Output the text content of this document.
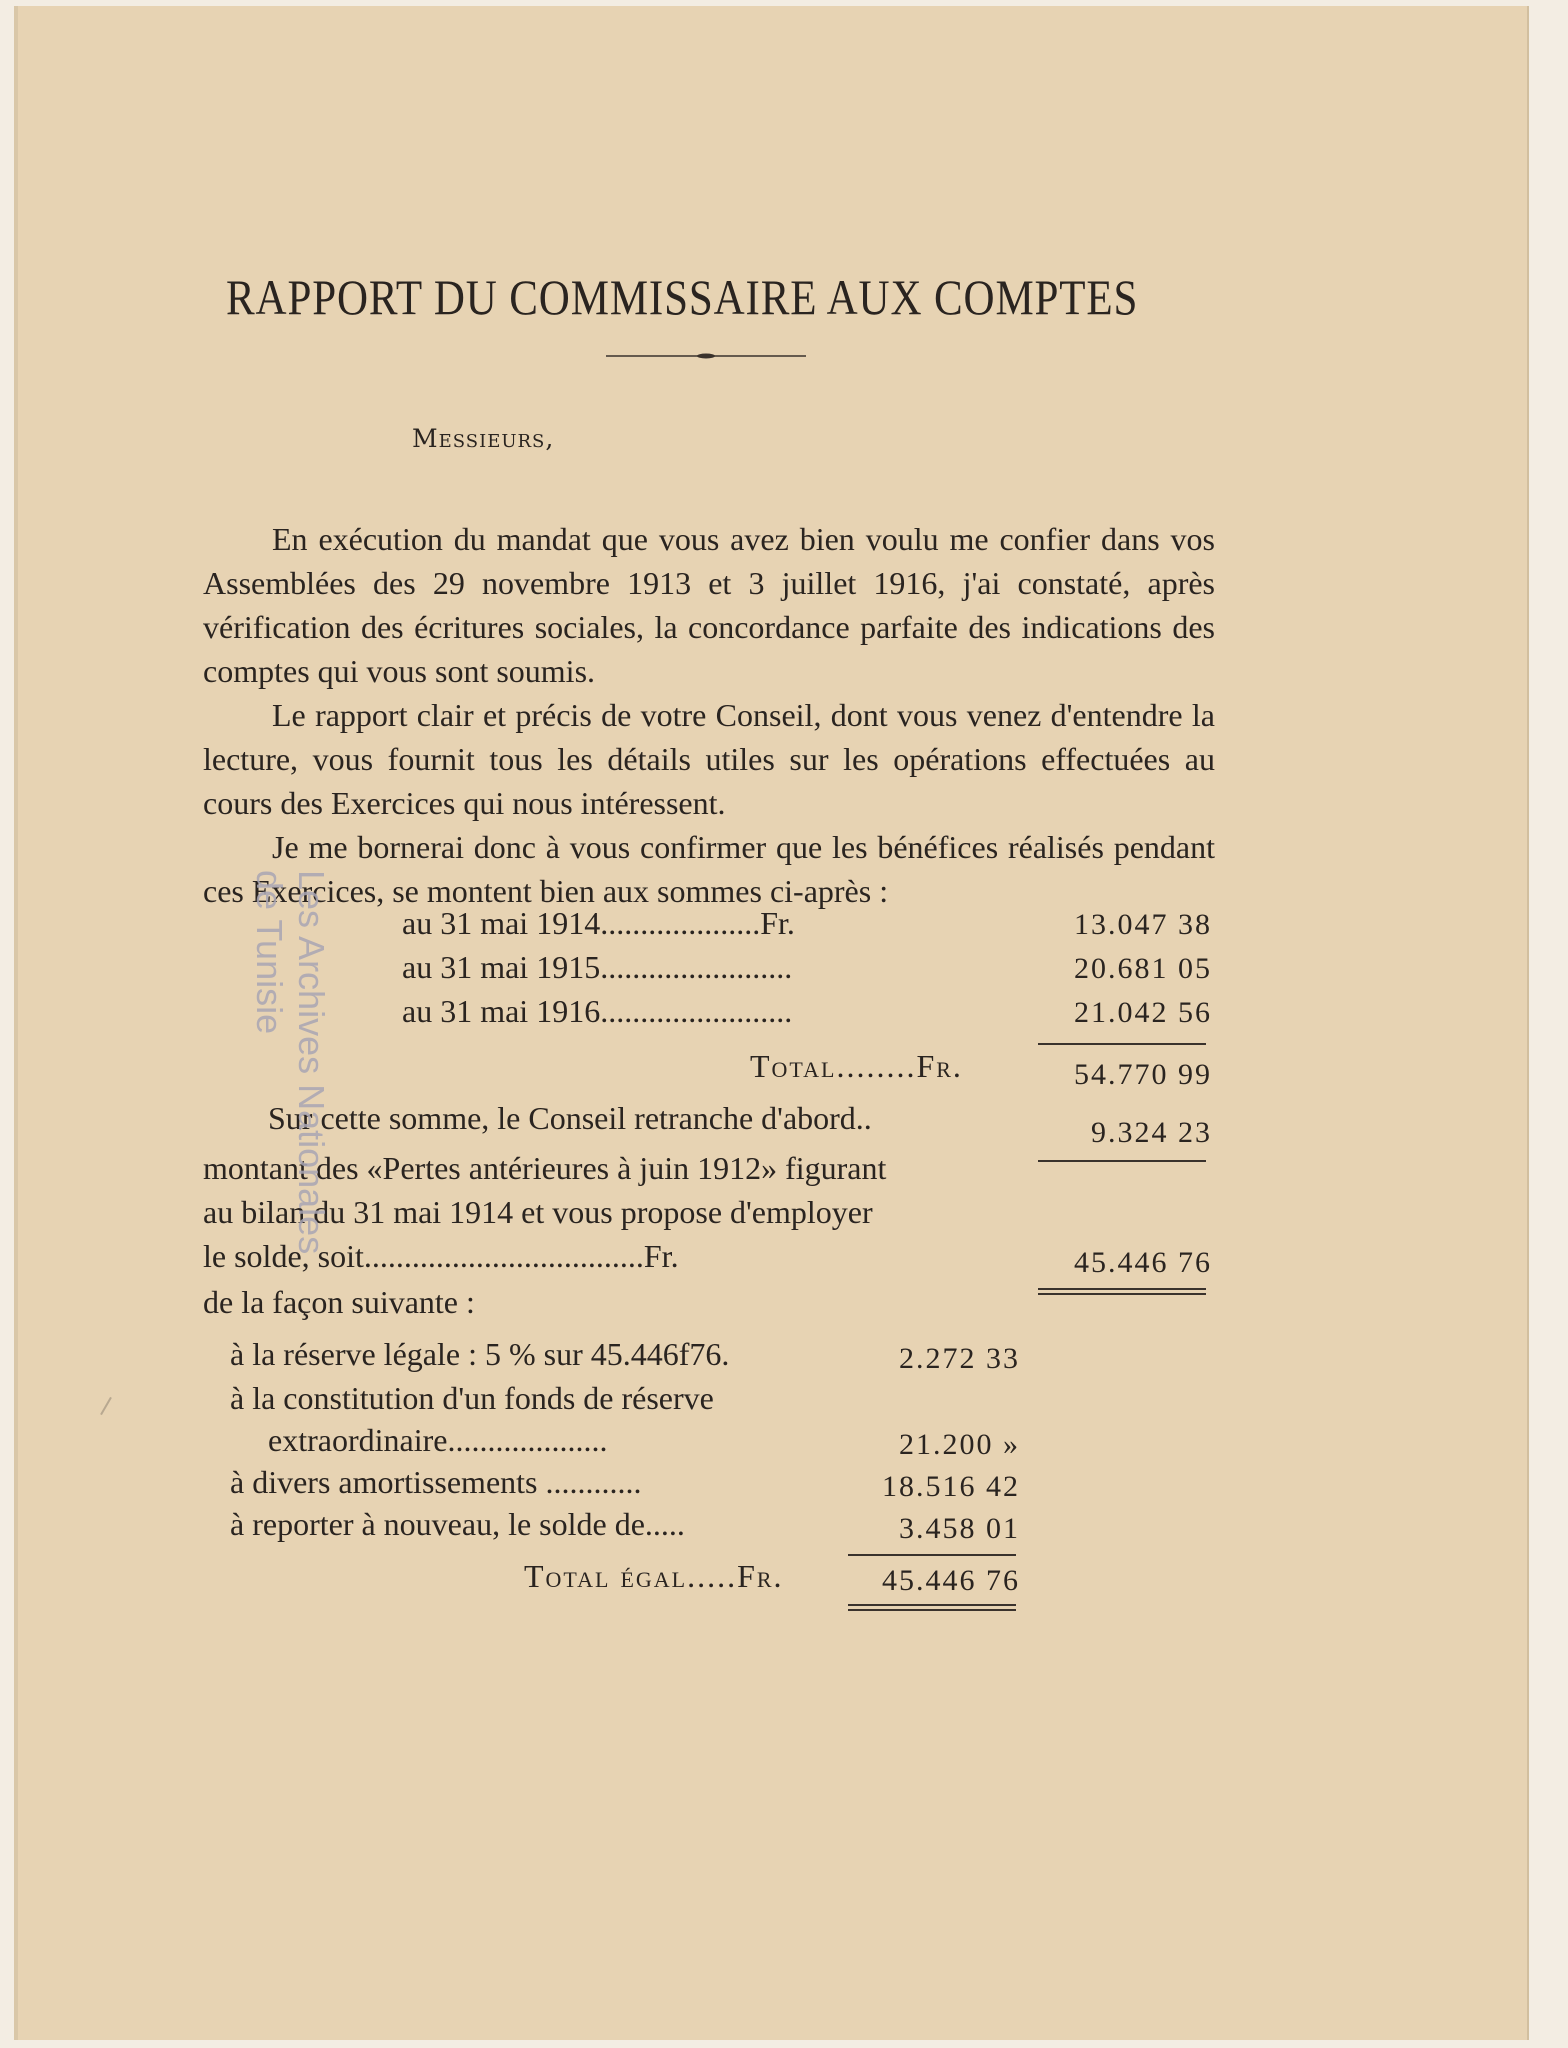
RAPPORT DU COMMISSAIRE AUX COMPTES
Messieurs,

En exécution du mandat que vous avez bien voulu me confier dans vos Assemblées des 29 novembre 1913 et 3 juillet 1916, j'ai constaté, après vérification des écritures sociales, la concordance parfaite des indications des comptes qui vous sont soumis.

Le rapport clair et précis de votre Conseil, dont vous venez d'entendre la lecture, vous fournit tous les détails utiles sur les opérations effectuées au cours des Exercices qui nous intéressent.

Je me bornerai donc à vous confirmer que les bénéfices réalisés pendant ces Exercices, se montent bien aux sommes ci-après :

au 31 mai 1914....................Fr.	13.047 38
au 31 mai 1915........................	20.681 05
au 31 mai 1916........................	21.042 56
Total........Fr.	54.770 99
Sur cette somme, le Conseil retranche d'abord..	9.324 23
montant des «Pertes antérieures à juin 1912» figurant
au bilan du 31 mai 1914 et vous propose d'employer
le solde, soit...................................Fr.	45.446 76
de la façon suivante :
à la réserve légale : 5 % sur 45.446f76.	2.272 33
à la constitution d'un fonds de réserve
extraordinaire....................	21.200 »
à divers amortissements ............	18.516 42
à reporter à nouveau, le solde de.....	3.458 01
Total égal.....Fr.	45.446 76
de Tunisie
